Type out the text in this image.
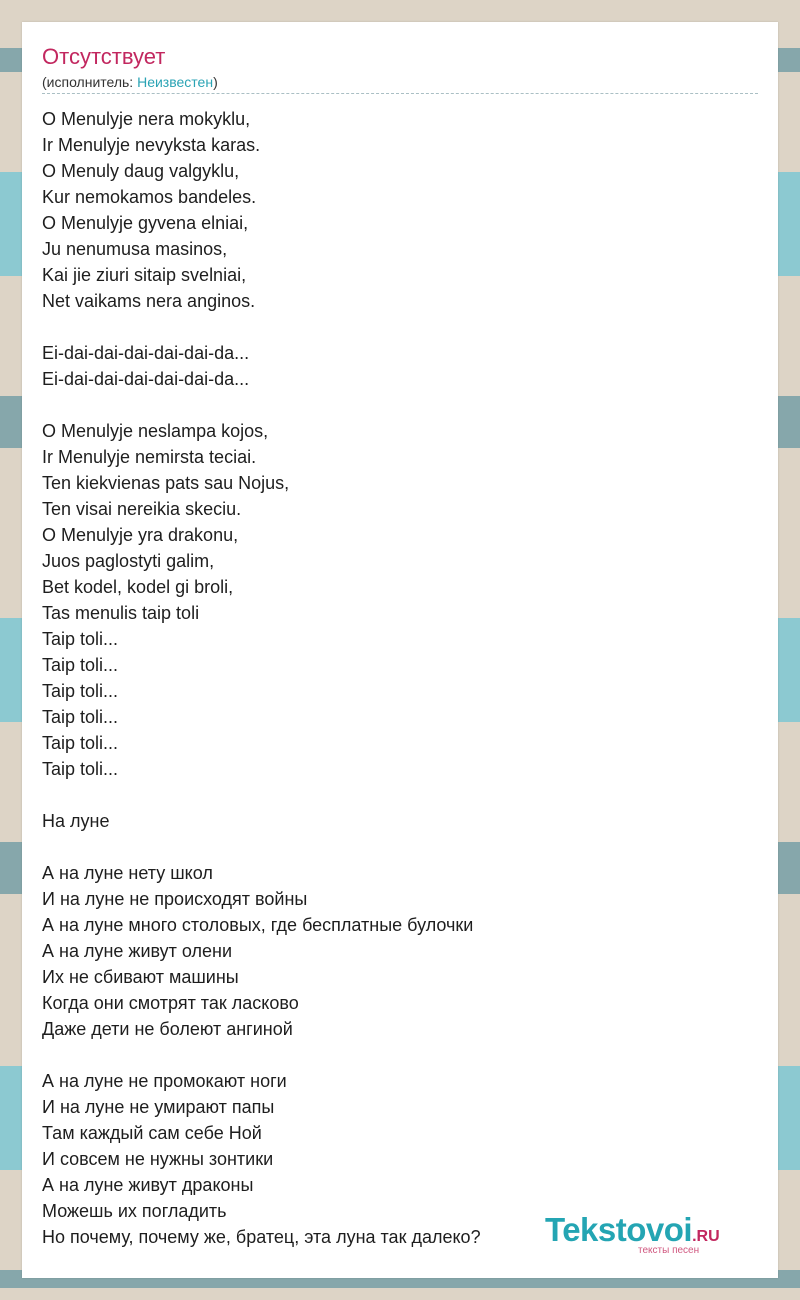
Отсутствует
(исполнитель: Неизвестен)
O Menulyje nera mokyklu,
Ir Menulyje nevyksta karas.
O Menuly daug valgyklu,
Kur nemokamos bandeles.
O Menulyje gyvena elniai,
Ju nenumusa masinos,
Kai jie ziuri sitaip svelniai,
Net vaikams nera anginos.
Ei-dai-dai-dai-dai-dai-da...
Ei-dai-dai-dai-dai-dai-da...
O Menulyje neslampa kojos,
Ir Menulyje nemirsta teciai.
Ten kiekvienas pats sau Nojus,
Ten visai nereikia skeciu.
O Menulyje yra drakonu,
Juos paglostyti galim,
Bet kodel, kodel gi broli,
Tas menulis taip toli
Taip toli...
Taip toli...
Taip toli...
Taip toli...
Taip toli...
Taip toli...
На луне
А на луне нету школ
И на луне не происходят войны
А на луне много столовых, где бесплатные булочки
А на луне живут олени
Их не сбивают машины
Когда они смотрят так ласково
Даже дети не болеют ангиной
А на луне не промокают ноги
И на луне не умирают папы
Там каждый сам себе Ной
И совсем не нужны зонтики
А на луне живут драконы
Можешь их погладить
Но почему, почему же, братец, эта луна так далеко?	Tekstovoi.RU
тексты песен
